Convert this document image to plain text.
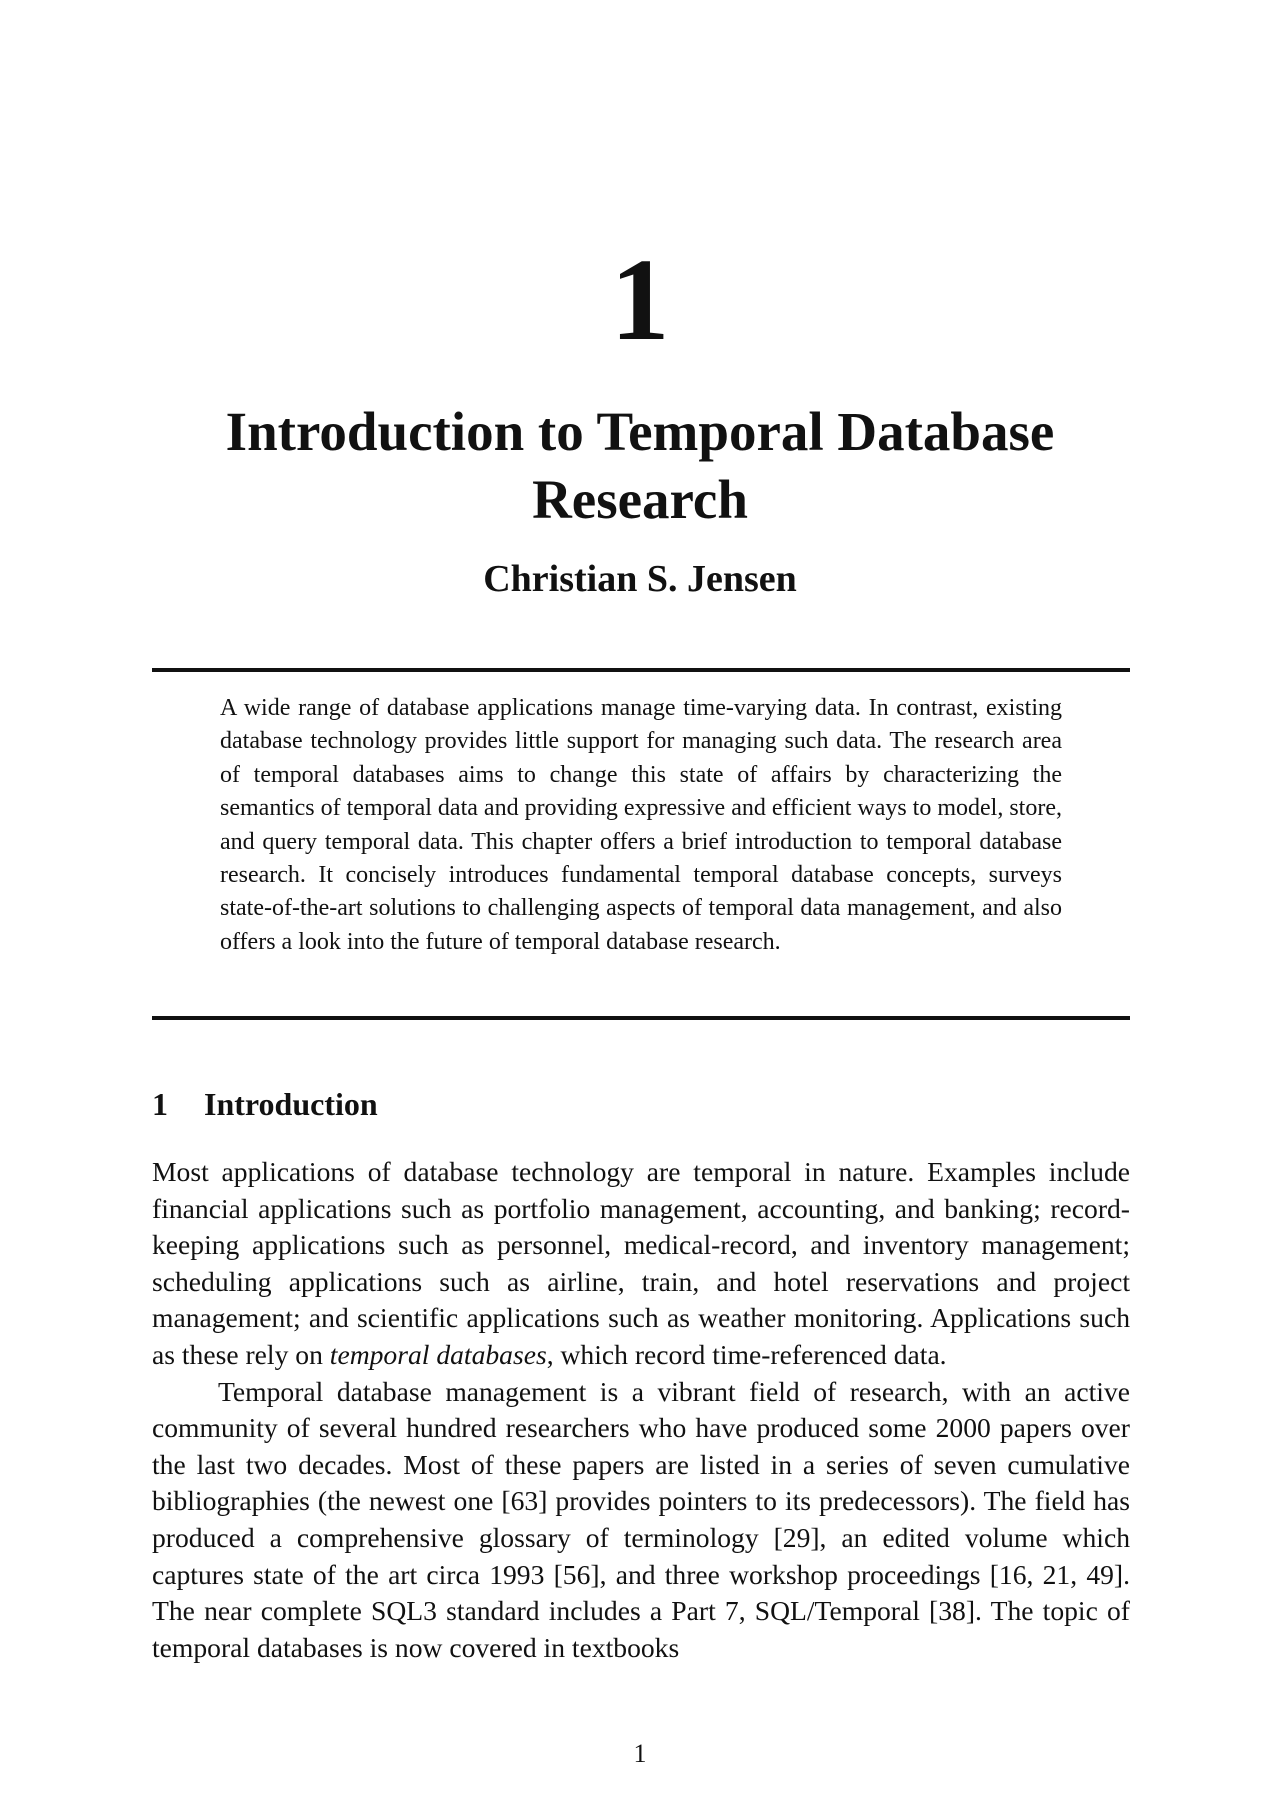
1
Introduction to Temporal Database Research
Christian S. Jensen
A wide range of database applications manage time-varying data. In contrast, existing database technology provides little support for managing such data. The research area of temporal databases aims to change this state of affairs by characterizing the semantics of temporal data and providing expressive and efficient ways to model, store, and query temporal data. This chapter offers a brief introduction to temporal database research. It concisely introduces fundamental temporal database concepts, surveys state-of-the-art solutions to challenging aspects of temporal data management, and also offers a look into the future of temporal database research.
1 Introduction

Most applications of database technology are temporal in nature. Examples include financial applications such as portfolio management, accounting, and banking; record-keeping applications such as personnel, medical-record, and inventory management; scheduling applications such as airline, train, and hotel reservations and project management; and scientific applications such as weather monitoring. Applications such as these rely on temporal databases, which record time-referenced data.

Temporal database management is a vibrant field of research, with an active community of several hundred researchers who have produced some 2000 papers over the last two decades. Most of these papers are listed in a series of seven cumulative bibliographies (the newest one [63] provides pointers to its predecessors). The field has produced a comprehensive glossary of terminology [29], an edited volume which captures state of the art circa 1993 [56], and three workshop proceedings [16, 21, 49]. The near complete SQL3 standard includes a Part 7, SQL/Temporal [38]. The topic of temporal databases is now covered in textbooks

1
